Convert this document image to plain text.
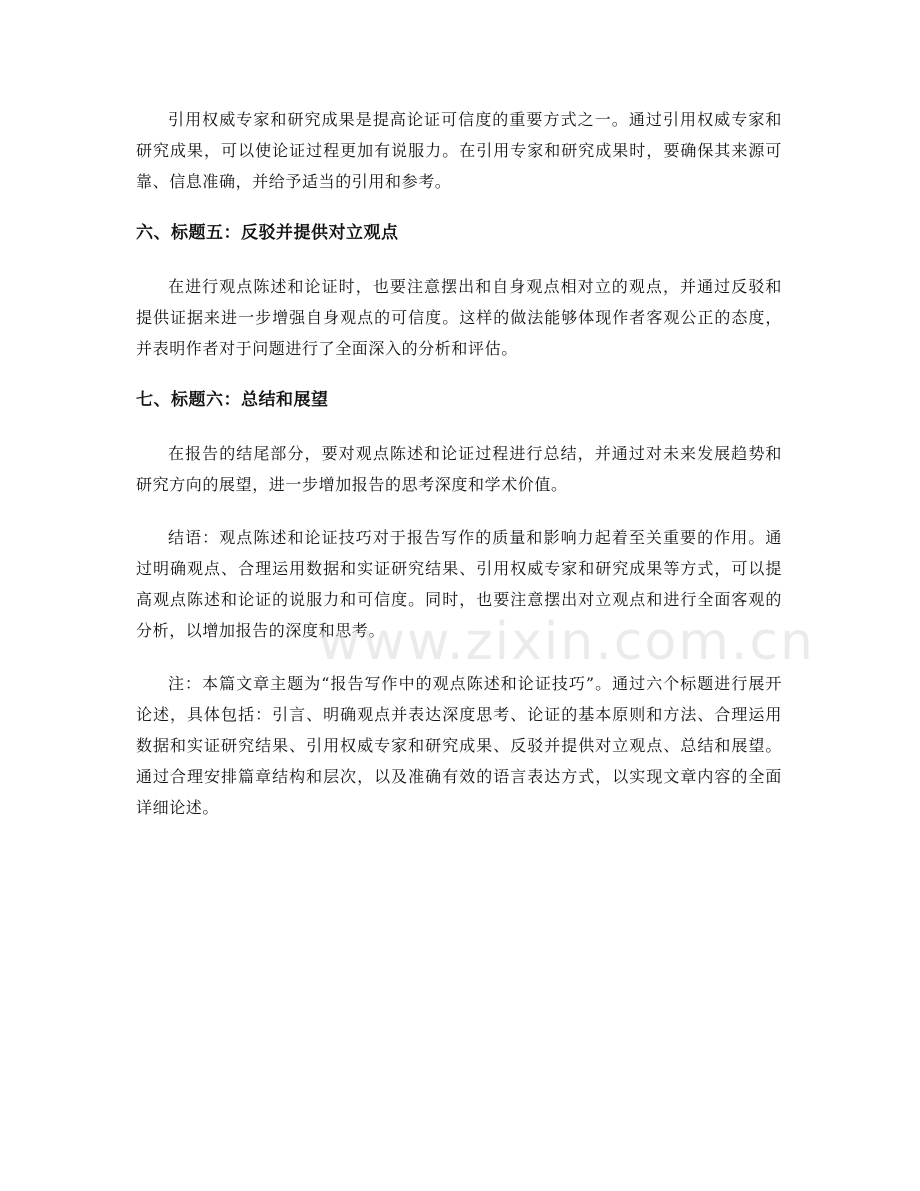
引用权威专家和研究成果是提高论证可信度的重要方式之一。通过引用权威专家和研究成果，可以使论证过程更加有说服力。在引用专家和研究成果时，要确保其来源可靠、信息准确，并给予适当的引用和参考。

六、标题五：反驳并提供对立观点

在进行观点陈述和论证时，也要注意摆出和自身观点相对立的观点，并通过反驳和提供证据来进一步增强自身观点的可信度。这样的做法能够体现作者客观公正的态度，并表明作者对于问题进行了全面深入的分析和评估。

七、标题六：总结和展望

在报告的结尾部分，要对观点陈述和论证过程进行总结，并通过对未来发展趋势和研究方向的展望，进一步增加报告的思考深度和学术价值。

结语：观点陈述和论证技巧对于报告写作的质量和影响力起着至关重要的作用。通过明确观点、合理运用数据和实证研究结果、引用权威专家和研究成果等方式，可以提高观点陈述和论证的说服力和可信度。同时，也要注意摆出对立观点和进行全面客观的分析，以增加报告的深度和思考。

注：本篇文章主题为“报告写作中的观点陈述和论证技巧”。通过六个标题进行展开论述，具体包括：引言、明确观点并表达深度思考、论证的基本原则和方法、合理运用数据和实证研究结果、引用权威专家和研究成果、反驳并提供对立观点、总结和展望。通过合理安排篇章结构和层次，以及准确有效的语言表达方式，以实现文章内容的全面详细论述。

www.zixin.com.cn
